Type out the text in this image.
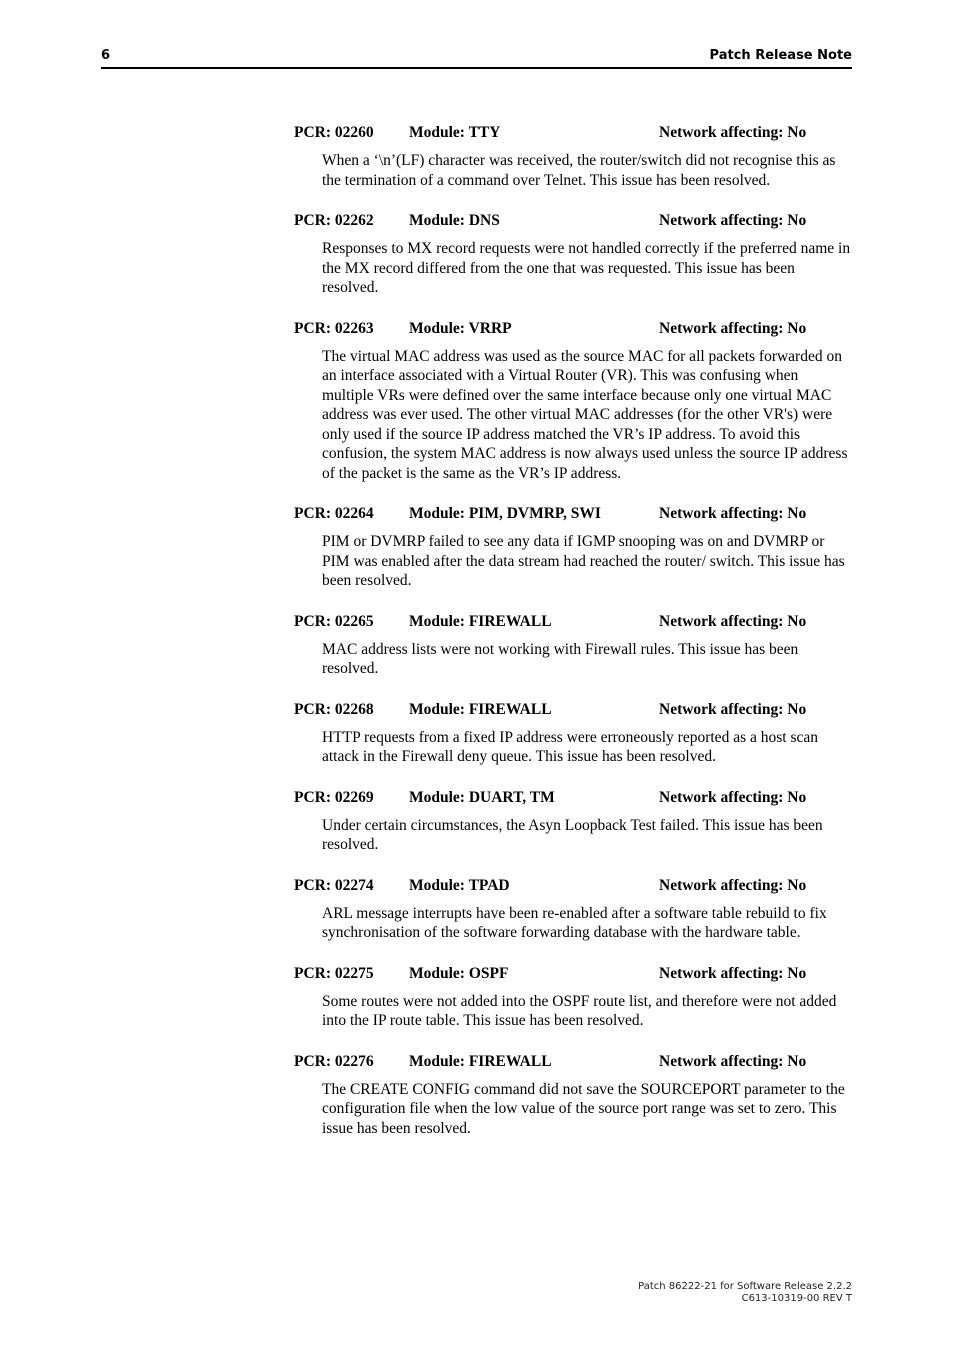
6	Patch Release Note
PCR: 02260 Module: TTY	Network affecting: No
When a ‘\n’(LF) character was received, the router/switch did not recognise this as the termination of a command over Telnet. This issue has been resolved.
PCR: 02262 Module: DNS	Network affecting: No
Responses to MX record requests were not handled correctly if the preferred name in the MX record differed from the one that was requested. This issue has been resolved.
PCR: 02263 Module: VRRP	Network affecting: No
The virtual MAC address was used as the source MAC for all packets forwarded on an interface associated with a Virtual Router (VR). This was confusing when multiple VRs were defined over the same interface because only one virtual MAC address was ever used. The other virtual MAC addresses (for the other VR's) were only used if the source IP address matched the VR’s IP address. To avoid this confusion, the system MAC address is now always used unless the source IP address of the packet is the same as the VR’s IP address.
PCR: 02264 Module: PIM, DVMRP, SWI	Network affecting: No
PIM or DVMRP failed to see any data if IGMP snooping was on and DVMRP or PIM was enabled after the data stream had reached the router/ switch. This issue has been resolved.
PCR: 02265 Module: FIREWALL	Network affecting: No
MAC address lists were not working with Firewall rules. This issue has been resolved.
PCR: 02268 Module: FIREWALL	Network affecting: No
HTTP requests from a fixed IP address were erroneously reported as a host scan attack in the Firewall deny queue. This issue has been resolved.
PCR: 02269 Module: DUART, TM	Network affecting: No
Under certain circumstances, the Asyn Loopback Test failed. This issue has been resolved.
PCR: 02274 Module: TPAD	Network affecting: No
ARL message interrupts have been re-enabled after a software table rebuild to fix synchronisation of the software forwarding database with the hardware table.
PCR: 02275 Module: OSPF	Network affecting: No
Some routes were not added into the OSPF route list, and therefore were not added into the IP route table. This issue has been resolved.
PCR: 02276 Module: FIREWALL	Network affecting: No
The CREATE CONFIG command did not save the SOURCEPORT parameter to the configuration file when the low value of the source port range was set to zero. This issue has been resolved.
Patch 86222-21 for Software Release 2.2.2
C613-10319-00 REV T
